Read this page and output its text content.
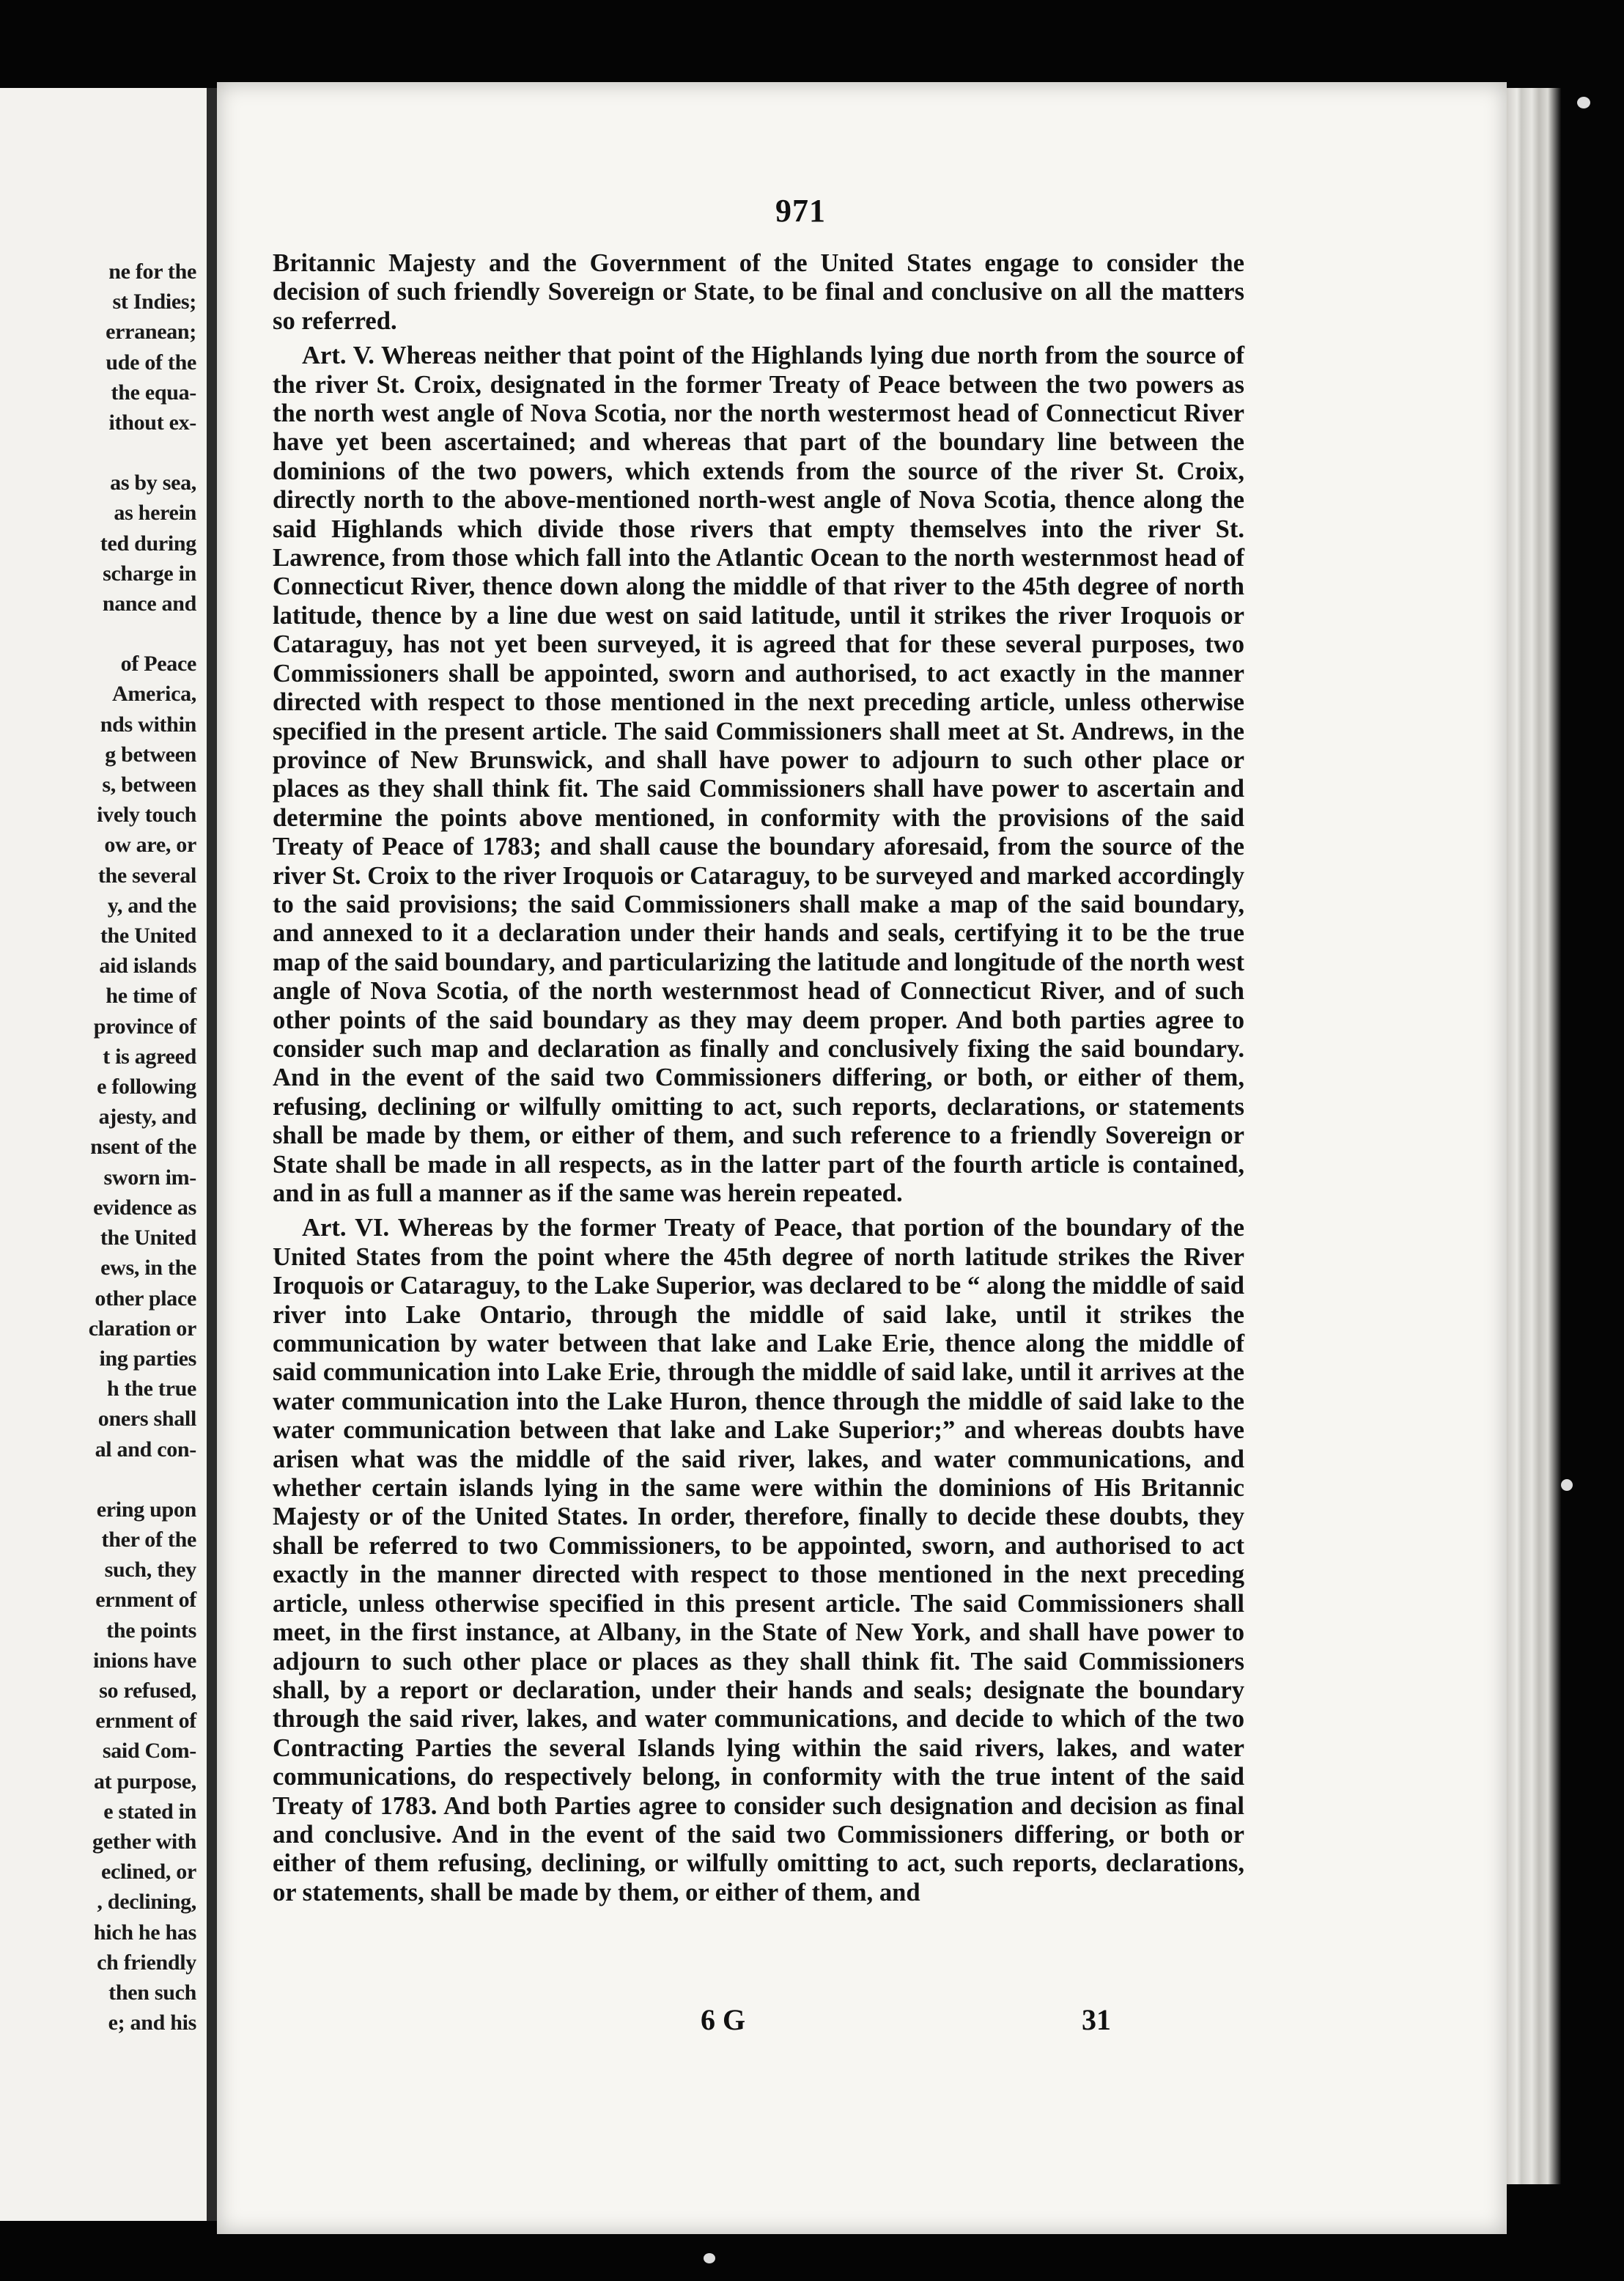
ne for the
st Indies;
erranean;
ude of the
the equa-
ithout ex-
as by sea,
as herein
ted during
scharge in
nance and
of Peace
America,
nds within
g between
s, between
ively touch
ow are, or
the several
y, and the
the United
aid islands
he time of
province of
t is agreed
e following
ajesty, and
nsent of the
sworn im-
evidence as
the United
ews, in the
other place
claration or
ing parties
h the true
oners shall
al and con-
ering upon
ther of the
such, they
ernment of
the points
inions have
so refused,
ernment of
said Com-
at purpose,
e stated in
gether with
eclined, or
, declining,
hich he has
ch friendly
then such
e; and his
971

Britannic Majesty and the Government of the United States engage to consider the decision of such friendly Sovereign or State, to be final and conclusive on all the matters so referred.

Art. V. Whereas neither that point of the Highlands lying due north from the source of the river St. Croix, designated in the former Treaty of Peace between the two powers as the north west angle of Nova Scotia, nor the north westermost head of Connecticut River have yet been ascertained; and whereas that part of the boundary line between the dominions of the two powers, which extends from the source of the river St. Croix, directly north to the above-mentioned north-west angle of Nova Scotia, thence along the said Highlands which divide those rivers that empty themselves into the river St. Lawrence, from those which fall into the Atlantic Ocean to the north westernmost head of Connecticut River, thence down along the middle of that river to the 45th degree of north latitude, thence by a line due west on said latitude, until it strikes the river Iroquois or Cataraguy, has not yet been surveyed, it is agreed that for these several purposes, two Commissioners shall be appointed, sworn and authorised, to act exactly in the manner directed with respect to those mentioned in the next preceding article, unless otherwise specified in the present article. The said Commissioners shall meet at St. Andrews, in the province of New Brunswick, and shall have power to adjourn to such other place or places as they shall think fit. The said Commissioners shall have power to ascertain and determine the points above mentioned, in conformity with the provisions of the said Treaty of Peace of 1783; and shall cause the boundary aforesaid, from the source of the river St. Croix to the river Iroquois or Cataraguy, to be surveyed and marked accordingly to the said provisions; the said Commissioners shall make a map of the said boundary, and annexed to it a declaration under their hands and seals, certifying it to be the true map of the said boundary, and particularizing the latitude and longitude of the north west angle of Nova Scotia, of the north westernmost head of Connecticut River, and of such other points of the said boundary as they may deem proper. And both parties agree to consider such map and declaration as finally and conclusively fixing the said boundary. And in the event of the said two Commissioners differing, or both, or either of them, refusing, declining or wilfully omitting to act, such reports, declarations, or statements shall be made by them, or either of them, and such reference to a friendly Sovereign or State shall be made in all respects, as in the latter part of the fourth article is contained, and in as full a manner as if the same was herein repeated.

Art. VI. Whereas by the former Treaty of Peace, that portion of the boundary of the United States from the point where the 45th degree of north latitude strikes the River Iroquois or Cataraguy, to the Lake Superior, was declared to be “ along the middle of said river into Lake Ontario, through the middle of said lake, until it strikes the communication by water between that lake and Lake Erie, thence along the middle of said communication into Lake Erie, through the middle of said lake, until it arrives at the water communication into the Lake Huron, thence through the middle of said lake to the water communication between that lake and Lake Superior;” and whereas doubts have arisen what was the middle of the said river, lakes, and water communications, and whether certain islands lying in the same were within the dominions of His Britannic Majesty or of the United States. In order, therefore, finally to decide these doubts, they shall be referred to two Commissioners, to be appointed, sworn, and authorised to act exactly in the manner directed with respect to those mentioned in the next preceding article, unless otherwise specified in this present article. The said Commissioners shall meet, in the first instance, at Albany, in the State of New York, and shall have power to adjourn to such other place or places as they shall think fit. The said Commissioners shall, by a report or declaration, under their hands and seals; designate the boundary through the said river, lakes, and water communications, and decide to which of the two Contracting Parties the several Islands lying within the said rivers, lakes, and water communications, do respectively belong, in conformity with the true intent of the said Treaty of 1783. And both Parties agree to consider such designation and decision as final and conclusive. And in the event of the said two Commissioners differing, or both or either of them refusing, declining, or wilfully omitting to act, such reports, declarations, or statements, shall be made by them, or either of them, and

6 G	31
